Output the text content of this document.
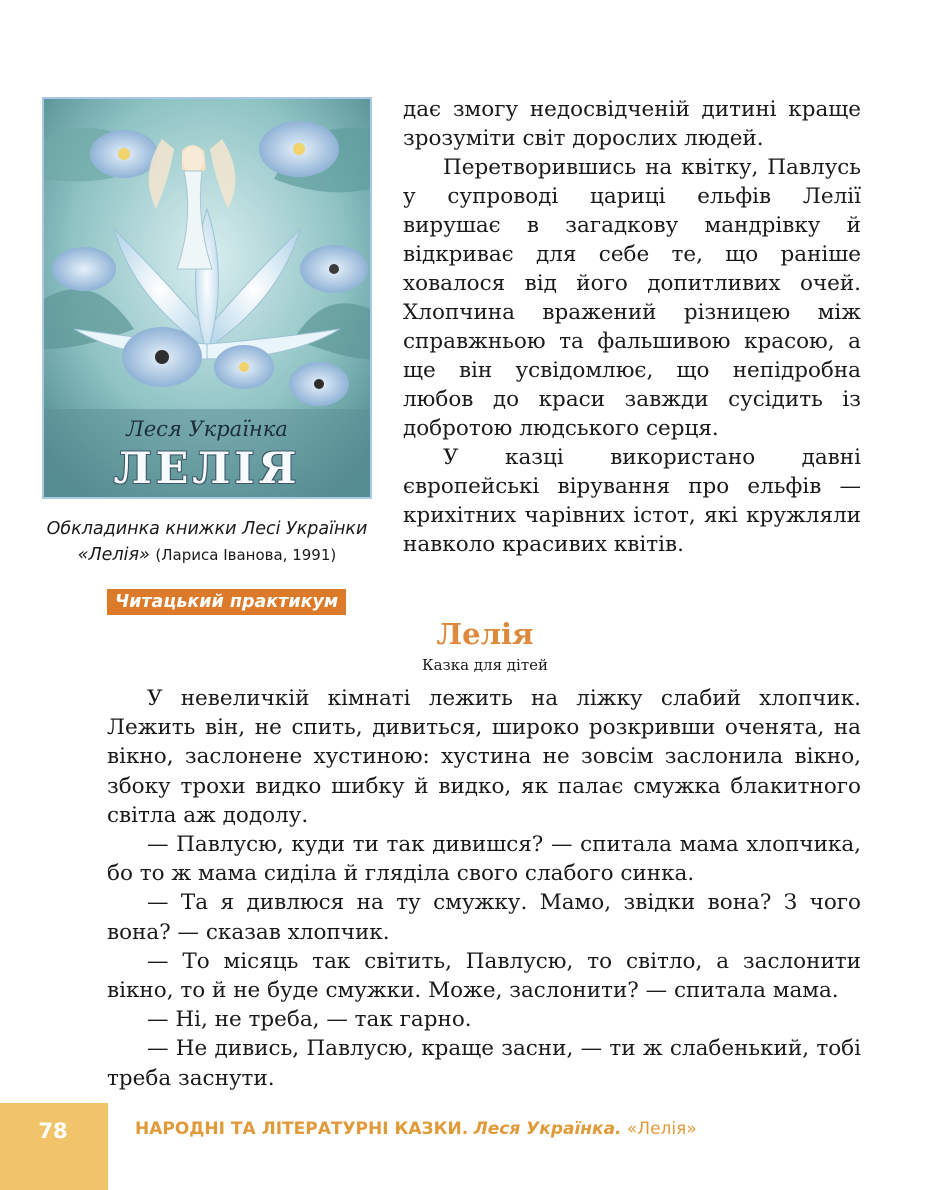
Леся Українка
ЛЕЛІЯ
Обкладинка книжки Лесі Українки «Лелія» (Лариса Іванова, 1991)

дає змогу недосвідченій дитині краще зрозуміти світ дорослих людей.

Перетворившись на квітку, Павлусь у супроводі цариці ельфів Лелії вирушає в загадкову мандрівку й відкриває для себе те, що раніше ховалося від його допитливих очей. Хлопчина вражений різницею між справжньою та фальшивою красою, а ще він усвідомлює, що непідробна любов до краси завжди сусідить із добротою людського серця.

У казці використано давні європейські вірування про ельфів — крихітних чарівних істот, які кружляли навколо красивих квітів.

Читацький практикум
Лелія
Казка для дітей

У невеличкій кімнаті лежить на ліжку слабий хлопчик. Лежить він, не спить, дивиться, широко розкривши оченята, на вікно, заслонене хустиною: хустина не зовсім заслонила вікно, збоку трохи видко шибку й видко, як палає смужка блакитного світла аж додолу.

— Павлусю, куди ти так дивишся? — спитала мама хлопчика, бо то ж мама сиділа й гляділа свого слабого синка.

— Та я дивлюся на ту смужку. Мамо, звідки вона? З чого вона? — сказав хлопчик.

— То місяць так світить, Павлусю, то світло, а заслонити вікно, то й не буде смужки. Може, заслонити? — спитала мама.

— Ні, не треба, — так гарно.

— Не дивись, Павлусю, краще засни, — ти ж слабенький, тобі треба заснути.

78	НАРОДНІ ТА ЛІТЕРАТУРНІ КАЗКИ. Леся Українка. «Лелія»
